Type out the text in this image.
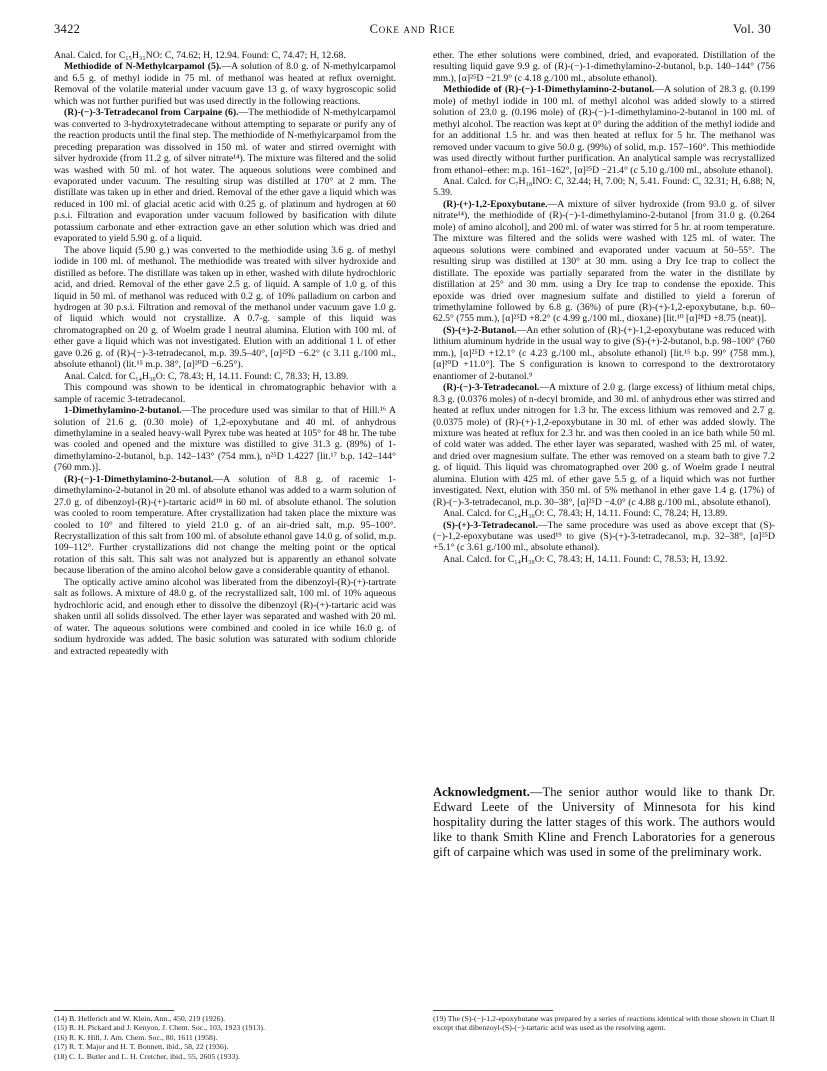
3422	Coke and Rice	Vol. 30

Anal. Calcd. for C₁₅H₃₁NO: C, 74.62; H, 12.94. Found: C, 74.47; H, 12.68.

Methiodide of N-Methylcarpamol (5).—A solution of 8.0 g. of N-methylcarpamol and 6.5 g. of methyl iodide in 75 ml. of methanol was heated at reflux overnight. Removal of the volatile material under vacuum gave 13 g. of waxy hygroscopic solid which was not further purified but was used directly in the following reactions.

(R)-(−)-3-Tetradecanol from Carpaine (6).—The methiodide of N-methylcarpamol was converted to 3-hydroxytetradecane without attempting to separate or purify any of the reaction products until the final step. The methiodide of N-methylcarpamol from the preceding preparation was dissolved in 150 ml. of water and stirred overnight with silver hydroxide (from 11.2 g. of silver nitrate¹⁴). The mixture was filtered and the solid was washed with 50 ml. of hot water. The aqueous solutions were combined and evaporated under vacuum. The resulting sirup was distilled at 170° at 2 mm. The distillate was taken up in ether and dried. Removal of the ether gave a liquid which was reduced in 100 ml. of glacial acetic acid with 0.25 g. of platinum and hydrogen at 60 p.s.i. Filtration and evaporation under vacuum followed by basification with dilute potassium carbonate and ether extraction gave an ether solution which was dried and evaporated to yield 5.90 g. of a liquid.

The above liquid (5.90 g.) was converted to the methiodide using 3.6 g. of methyl iodide in 100 ml. of methanol. The methiodide was treated with silver hydroxide and distilled as before. The distillate was taken up in ether, washed with dilute hydrochloric acid, and dried. Removal of the ether gave 2.5 g. of liquid. A sample of 1.0 g. of this liquid in 50 ml. of methanol was reduced with 0.2 g. of 10% palladium on carbon and hydrogen at 30 p.s.i. Filtration and removal of the methanol under vacuum gave 1.0 g. of liquid which would not crystallize. A 0.7-g. sample of this liquid was chromatographed on 20 g. of Woelm grade I neutral alumina. Elution with 100 ml. of ether gave a liquid which was not investigated. Elution with an additional 1 l. of ether gave 0.26 g. of (R)-(−)-3-tetradecanol, m.p. 39.5–40°, [α]²⁵D −6.2° (c 3.11 g./100 ml., absolute ethanol) (lit.¹⁵ m.p. 38°, [α]²⁰D −6.25°).

Anal. Calcd. for C₁₄H₃₀O: C, 78.43; H, 14.11. Found: C, 78.33; H, 13.89.

This compound was shown to be identical in chromatographic behavior with a sample of racemic 3-tetradecanol.

1-Dimethylamino-2-butanol.—The procedure used was similar to that of Hill.¹⁶ A solution of 21.6 g. (0.30 mole) of 1,2-epoxybutane and 40 ml. of anhydrous dimethylamine in a sealed heavy-wall Pyrex tube was heated at 105° for 48 hr. The tube was cooled and opened and the mixture was distilled to give 31.3 g. (89%) of 1-dimethylamino-2-butanol, b.p. 142–143° (754 mm.), n²⁵D 1.4227 [lit.¹⁷ b.p. 142–144° (760 mm.)].

(R)-(−)-1-Dimethylamino-2-butanol.—A solution of 8.8 g. of racemic 1-dimethylamino-2-butanol in 20 ml. of absolute ethanol was added to a warm solution of 27.0 g. of dibenzoyl-(R)-(+)-tartaric acid¹⁸ in 60 ml. of absolute ethanol. The solution was cooled to room temperature. After crystallization had taken place the mixture was cooled to 10° and filtered to yield 21.0 g. of an air-dried salt, m.p. 95–100°. Recrystallization of this salt from 100 ml. of absolute ethanol gave 14.0 g. of solid, m.p. 109–112°. Further crystallizations did not change the melting point or the optical rotation of this salt. This salt was not analyzed but is apparently an ethanol solvate because liberation of the amino alcohol below gave a considerable quantity of ethanol.

The optically active amino alcohol was liberated from the dibenzoyl-(R)-(+)-tartrate salt as follows. A mixture of 48.0 g. of the recrystallized salt, 100 ml. of 10% aqueous hydrochloric acid, and enough ether to dissolve the dibenzoyl (R)-(+)-tartaric acid was shaken until all solids dissolved. The ether layer was separated and washed with 20 ml. of water. The aqueous solutions were combined and cooled in ice while 16.0 g. of sodium hydroxide was added. The basic solution was saturated with sodium chloride and extracted repeatedly with

ether. The ether solutions were combined, dried, and evaporated. Distillation of the resulting liquid gave 9.9 g. of (R)-(−)-1-dimethylamino-2-butanol, b.p. 140–144° (756 mm.), [α]²⁵D −21.9° (c 4.18 g./100 ml., absolute ethanol).

Methiodide of (R)-(−)-1-Dimethylamino-2-butanol.—A solution of 28.3 g. (0.199 mole) of methyl iodide in 100 ml. of methyl alcohol was added slowly to a stirred solution of 23.0 g. (0.196 mole) of (R)-(−)-1-dimethylamino-2-butanol in 100 ml. of methyl alcohol. The reaction was kept at 0° during the addition of the methyl iodide and for an additional 1.5 hr. and was then heated at reflux for 5 hr. The methanol was removed under vacuum to give 50.0 g. (99%) of solid, m.p. 157–160°. This methiodide was used directly without further purification. An analytical sample was recrystallized from ethanol–ether: m.p. 161–162°, [α]²⁵D −21.4° (c 5.10 g./100 ml., absolute ethanol).

Anal. Calcd. for C₇H₁₈INO: C, 32.44; H, 7.00; N, 5.41. Found: C, 32.31; H, 6.88; N, 5.39.

(R)-(+)-1,2-Epoxybutane.—A mixture of silver hydroxide (from 93.0 g. of silver nitrate¹⁴), the methiodide of (R)-(−)-1-dimethylamino-2-butanol [from 31.0 g. (0.264 mole) of amino alcohol], and 200 ml. of water was stirred for 5 hr. at room temperature. The mixture was filtered and the solids were washed with 125 ml. of water. The aqueous solutions were combined and evaporated under vacuum at 50–55°. The resulting sirup was distilled at 130° at 30 mm. using a Dry Ice trap to collect the distillate. The epoxide was partially separated from the water in the distillate by distillation at 25° and 30 mm. using a Dry Ice trap to condense the epoxide. This epoxide was dried over magnesium sulfate and distilled to yield a forerun of trimethylamine followed by 6.8 g. (36%) of pure (R)-(+)-1,2-epoxybutane, b.p. 60–62.5° (755 mm.), [α]²⁵D +8.2° (c 4.99 g./100 ml., dioxane) [lit.¹⁰ [α]²⁸D +8.75 (neat)].

(S)-(+)-2-Butanol.—An ether solution of (R)-(+)-1,2-epoxybutane was reduced with lithium aluminum hydride in the usual way to give (S)-(+)-2-butanol, b.p. 98–100° (760 mm.), [α]²⁵D +12.1° (c 4.23 g./100 ml., absolute ethanol) [lit.¹⁵ b.p. 99° (758 mm.), [α]²⁰D +11.0°]. The S configuration is known to correspond to the dextrorotatory enantiomer of 2-butanol.⁹

(R)-(−)-3-Tetradecanol.—A mixture of 2.0 g. (large excess) of lithium metal chips, 8.3 g. (0.0376 moles) of n-decyl bromide, and 30 ml. of anhydrous ether was stirred and heated at reflux under nitrogen for 1.3 hr. The excess lithium was removed and 2.7 g. (0.0375 mole) of (R)-(+)-1,2-epoxybutane in 30 ml. of ether was added slowly. The mixture was heated at reflux for 2.3 hr. and was then cooled in an ice bath while 50 ml. of cold water was added. The ether layer was separated, washed with 25 ml. of water, and dried over magnesium sulfate. The ether was removed on a steam bath to give 7.2 g. of liquid. This liquid was chromatographed over 200 g. of Woelm grade I neutral alumina. Elution with 425 ml. of ether gave 5.5 g. of a liquid which was not further investigated. Next, elution with 350 ml. of 5% methanol in ether gave 1.4 g. (17%) of (R)-(−)-3-tetradecanol, m.p. 30–38°, [α]²⁵D −4.0° (c 4.88 g./100 ml., absolute ethanol).

Anal. Calcd. for C₁₄H₃₀O: C, 78.43; H, 14.11. Found: C, 78.24; H, 13.89.

(S)-(+)-3-Tetradecanol.—The same procedure was used as above except that (S)-(−)-1,2-epoxybutane was used¹⁹ to give (S)-(+)-3-tetradecanol, m.p. 32–38°, [α]²⁵D +5.1° (c 3.61 g./100 ml., absolute ethanol).

Anal. Calcd. for C₁₄H₃₀O: C, 78.43; H, 14.11. Found: C, 78.53; H, 13.92.

Acknowledgment.—The senior author would like to thank Dr. Edward Leete of the University of Minnesota for his kind hospitality during the latter stages of this work. The authors would like to thank Smith Kline and French Laboratories for a generous gift of carpaine which was used in some of the preliminary work.
(14) B. Helferich and W. Klein, Ann., 450, 219 (1926).
(15) R. H. Pickard and J. Kenyon, J. Chem. Soc., 103, 1923 (1913).
(16) R. K. Hill, J. Am. Chem. Soc., 80, 1611 (1958).
(17) R. T. Major and H. T. Bonnett, ibid., 58, 22 (1936).
(18) C. L. Butler and L. H. Cretcher, ibid., 55, 2605 (1933).
(19) The (S)-(−)-1,2-epoxybutane was prepared by a series of reactions identical with those shown in Chart II except that dibenzoyl-(S)-(−)-tartaric acid was used as the resolving agent.
